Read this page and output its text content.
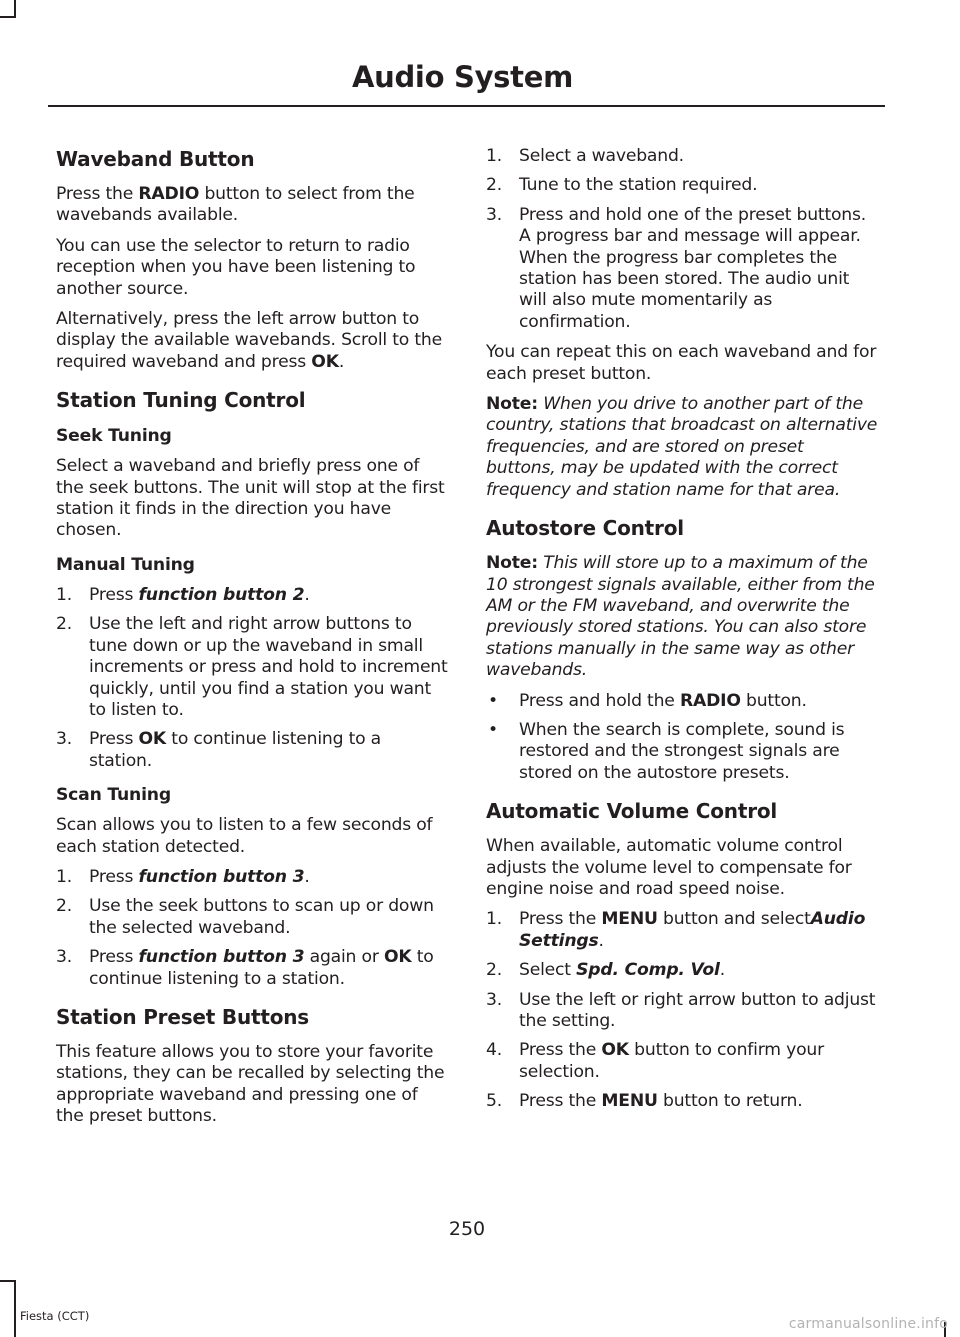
Audio System
Waveband Button

Press the RADIO button to select from the wavebands available.

You can use the selector to return to radio reception when you have been listening to another source.

Alternatively, press the left arrow button to display the available wavebands. Scroll to the required waveband and press OK.

Station Tuning Control
Seek Tuning

Select a waveband and briefly press one of the seek buttons. The unit will stop at the first station it finds in the direction you have chosen.

Manual Tuning
1. Press function button 2.
2. Use the left and right arrow buttons to tune down or up the waveband in small increments or press and hold to increment quickly, until you find a station you want to listen to.
3. Press OK to continue listening to a station.
Scan Tuning

Scan allows you to listen to a few seconds of each station detected.

1. Press function button 3.
2. Use the seek buttons to scan up or down the selected waveband.
3. Press function button 3 again or OK to continue listening to a station.
Station Preset Buttons

This feature allows you to store your favorite stations, they can be recalled by selecting the appropriate waveband and pressing one of the preset buttons.

1. Select a waveband.
2. Tune to the station required.
3. Press and hold one of the preset buttons. A progress bar and message will appear. When the progress bar completes the station has been stored. The audio unit will also mute momentarily as confirmation.

You can repeat this on each waveband and for each preset button.

Note: When you drive to another part of the country, stations that broadcast on alternative frequencies, and are stored on preset buttons, may be updated with the correct frequency and station name for that area.

Autostore Control

Note: This will store up to a maximum of the 10 strongest signals available, either from the AM or the FM waveband, and overwrite the previously stored stations. You can also store stations manually in the same way as other wavebands.

• Press and hold the RADIO button.
• When the search is complete, sound is restored and the strongest signals are stored on the autostore presets.
Automatic Volume Control

When available, automatic volume control adjusts the volume level to compensate for engine noise and road speed noise.

1. Press the MENU button and selectAudio Settings.
2. Select Spd. Comp. Vol.
3. Use the left or right arrow button to adjust the setting.
4. Press the OK button to confirm your selection.
5. Press the MENU button to return.
250
Fiesta (CCT)	carmanualsonline.info
